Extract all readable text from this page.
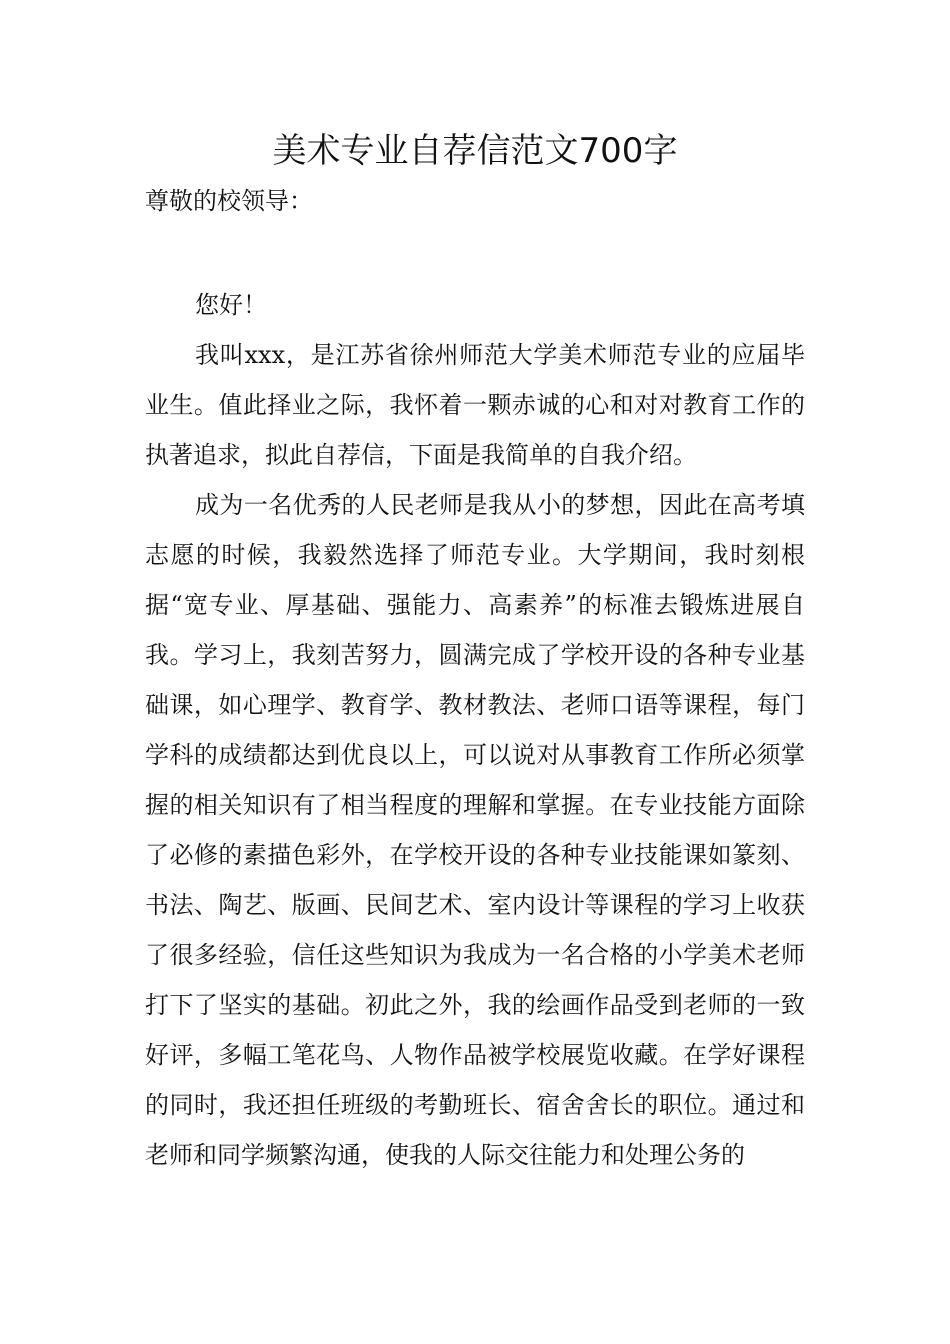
美术专业自荐信范文700字

尊敬的校领导：

您好！

我叫xxx，是江苏省徐州师范大学美术师范专业的应届毕业生。值此择业之际，我怀着一颗赤诚的心和对对教育工作的执著追求，拟此自荐信，下面是我简单的自我介绍。

成为一名优秀的人民老师是我从小的梦想，因此在高考填志愿的时候，我毅然选择了师范专业。大学期间，我时刻根据“宽专业、厚基础、强能力、高素养”的标准去锻炼进展自我。学习上，我刻苦努力，圆满完成了学校开设的各种专业基础课，如心理学、教育学、教材教法、老师口语等课程，每门学科的成绩都达到优良以上，可以说对从事教育工作所必须掌握的相关知识有了相当程度的理解和掌握。在专业技能方面除了必修的素描色彩外，在学校开设的各种专业技能课如篆刻、书法、陶艺、版画、民间艺术、室内设计等课程的学习上收获了很多经验，信任这些知识为我成为一名合格的小学美术老师打下了坚实的基础。初此之外，我的绘画作品受到老师的一致好评，多幅工笔花鸟、人物作品被学校展览收藏。在学好课程的同时，我还担任班级的考勤班长、宿舍舍长的职位。通过和老师和同学频繁沟通，使我的人际交往能力和处理公务的
